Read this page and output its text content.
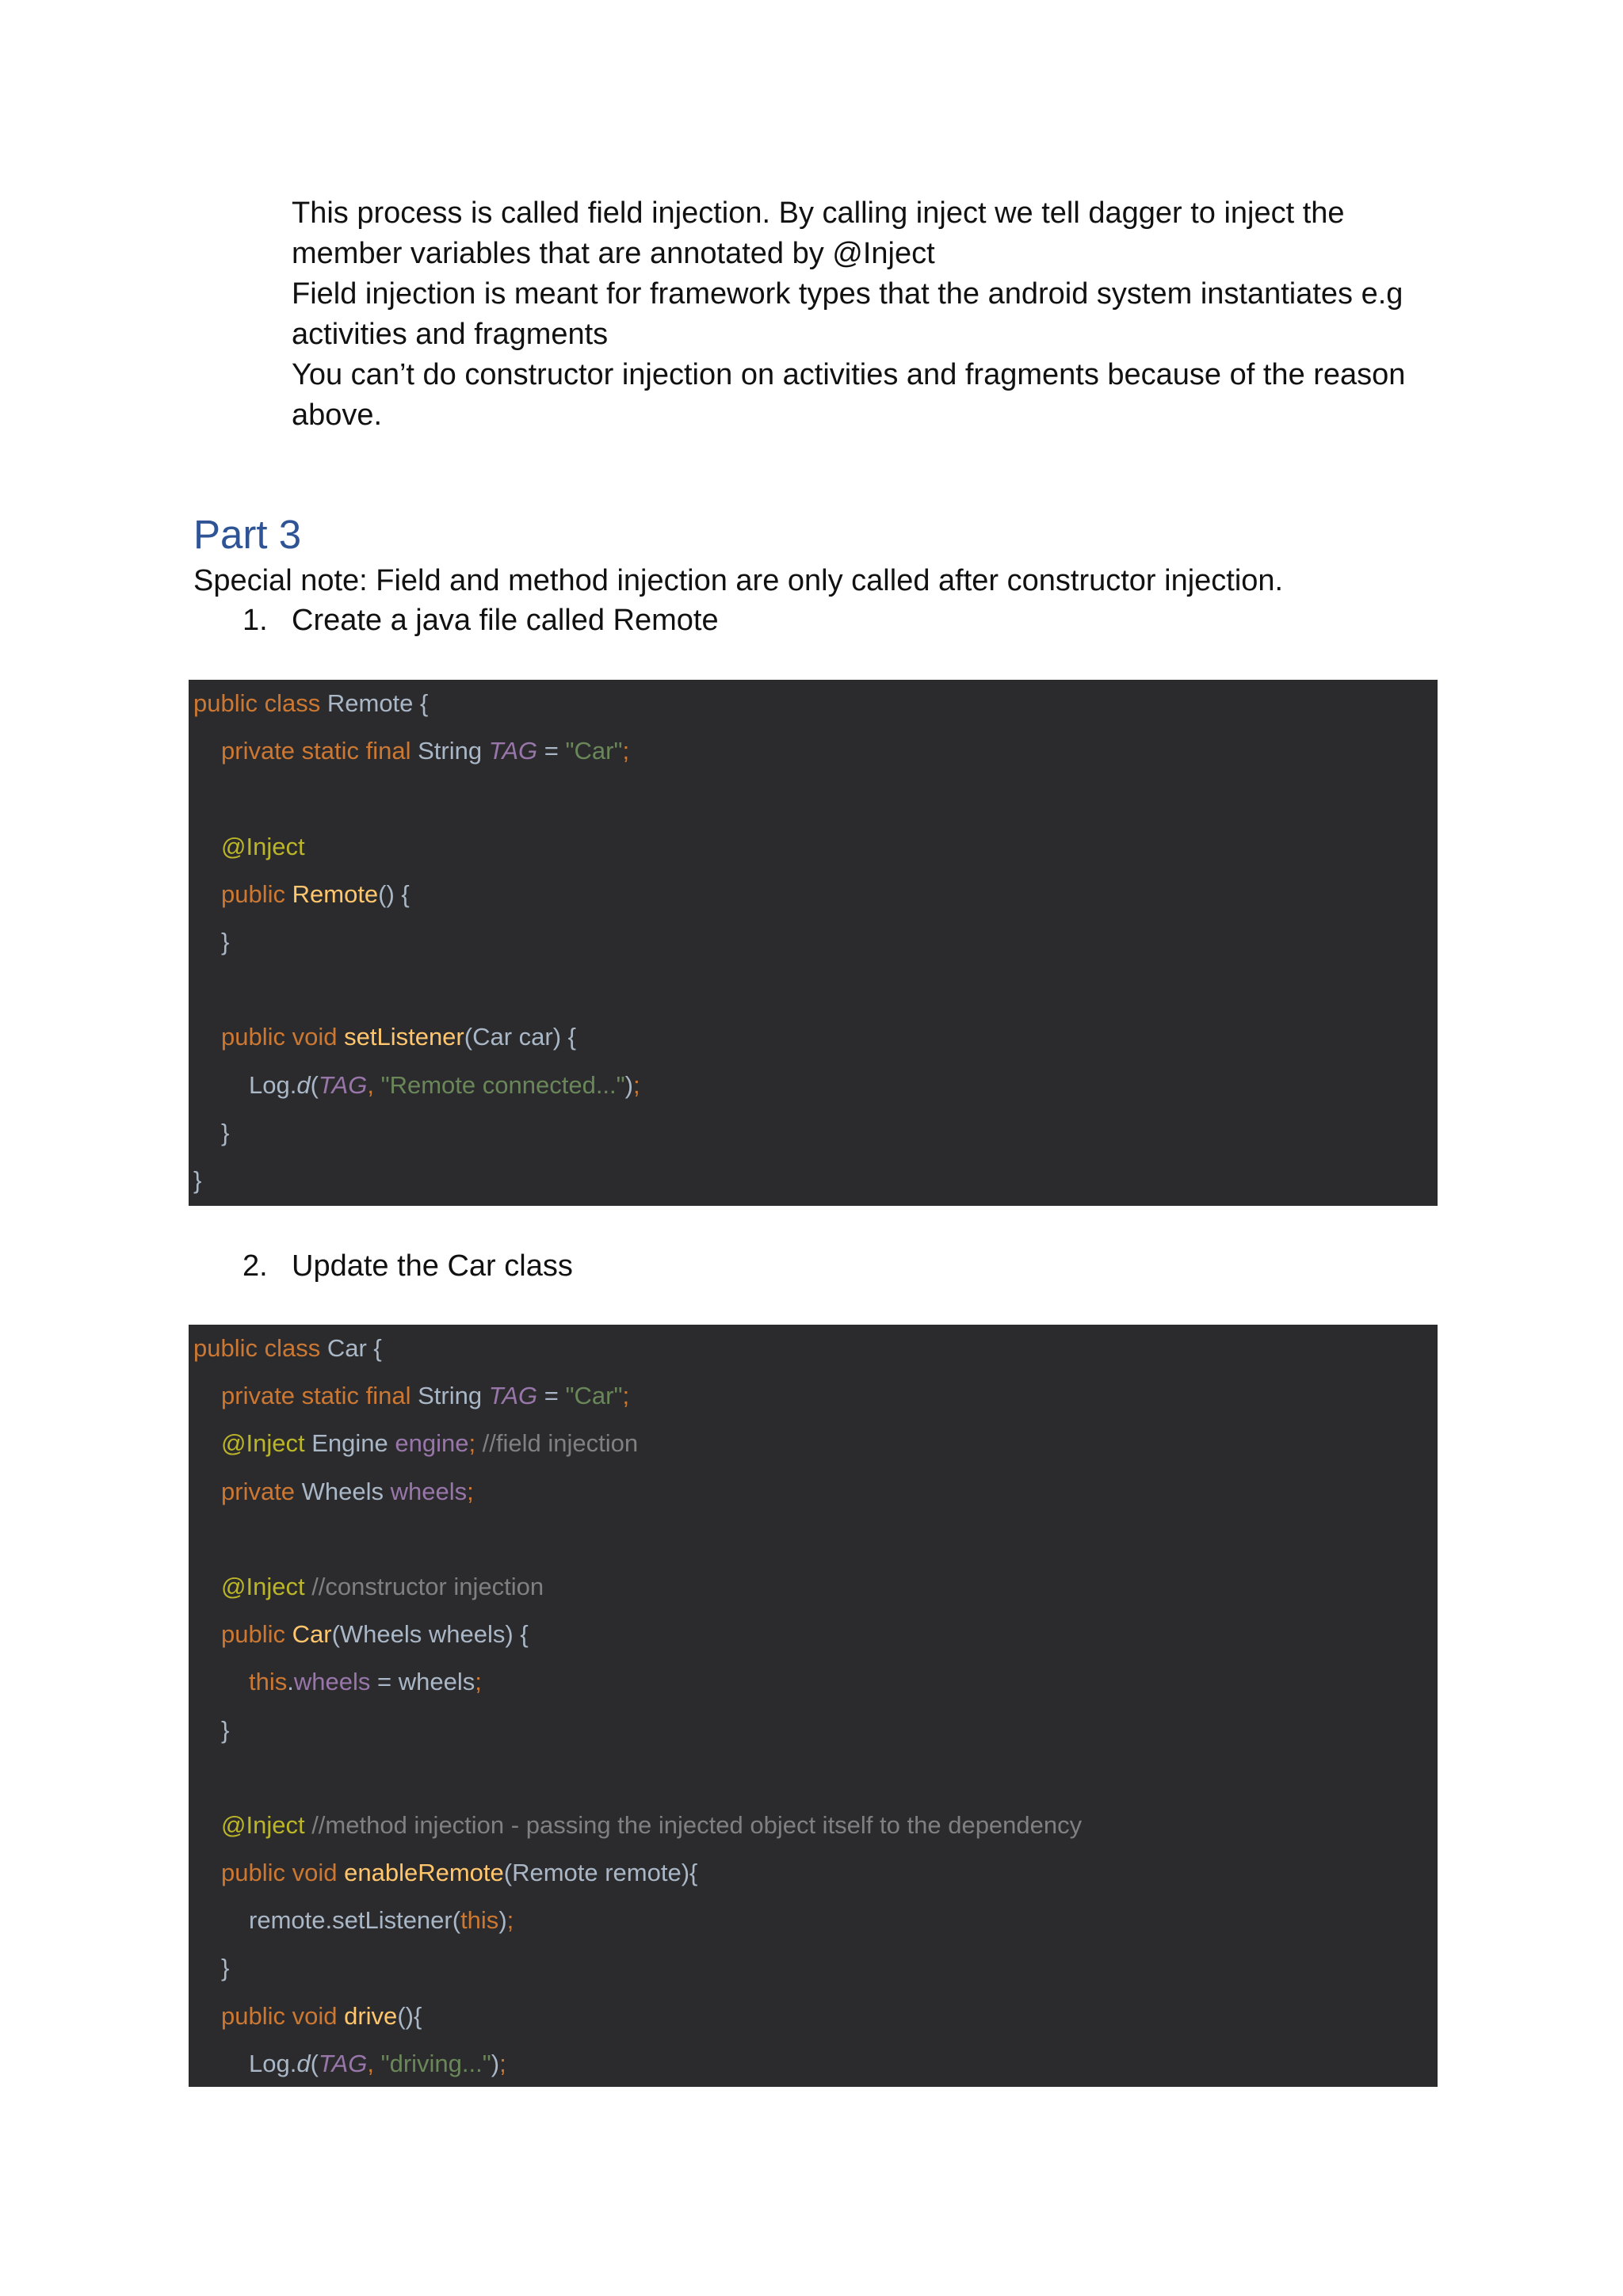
This process is called field injection. By calling inject we tell dagger to inject the

member variables that are annotated by @Inject

Field injection is meant for framework types that the android system instantiates e.g

activities and fragments

You can’t do constructor injection on activities and fragments because of the reason

above.

Part 3

Special note: Field and method injection are only called after constructor injection.

1. Create a java file called Remote
public class Remote {
private static final String TAG = "Car";
@Inject
public Remote() {
}
public void setListener(Car car) {
Log.d(TAG, "Remote connected...");
}
}
2. Update the Car class
public class Car {
private static final String TAG = "Car";
@Inject Engine engine; //field injection
private Wheels wheels;
@Inject //constructor injection
public Car(Wheels wheels) {
this.wheels = wheels;
}
@Inject //method injection - passing the injected object itself to the dependency
public void enableRemote(Remote remote){
remote.setListener(this);
}
public void drive(){
Log.d(TAG, "driving...");
